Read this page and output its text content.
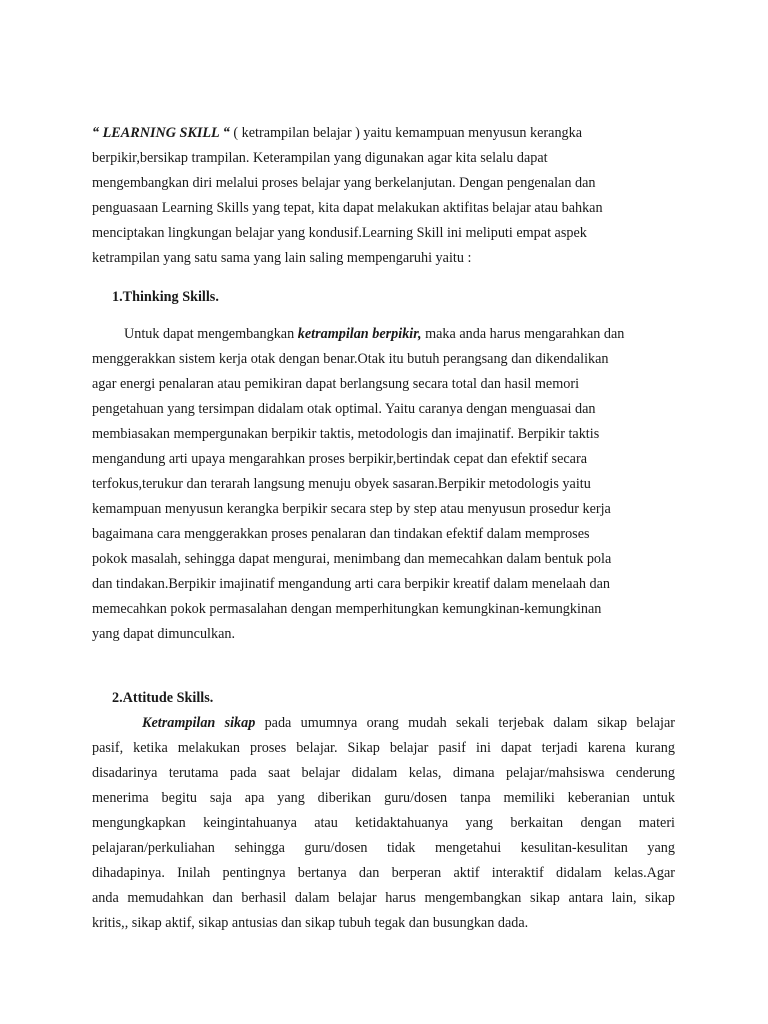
“ LEARNING SKILL “ ( ketrampilan belajar ) yaitu kemampuan menyusun kerangka
berpikir,bersikap trampilan. Keterampilan yang digunakan agar kita selalu dapat
mengembangkan diri melalui proses belajar yang berkelanjutan. Dengan pengenalan dan
penguasaan Learning Skills yang tepat, kita dapat melakukan aktifitas belajar atau bahkan
menciptakan lingkungan belajar yang kondusif.Learning Skill ini meliputi empat aspek
ketrampilan yang satu sama yang lain saling mempengaruhi yaitu :
1.Thinking Skills.
Untuk dapat mengembangkan ketrampilan berpikir, maka anda harus mengarahkan dan
menggerakkan sistem kerja otak dengan benar.Otak itu butuh perangsang dan dikendalikan
agar energi penalaran atau pemikiran dapat berlangsung secara total dan hasil memori
pengetahuan yang tersimpan didalam otak optimal. Yaitu caranya dengan menguasai dan
membiasakan mempergunakan berpikir taktis, metodologis dan imajinatif. Berpikir taktis
mengandung arti upaya mengarahkan proses berpikir,bertindak cepat dan efektif secara
terfokus,terukur dan terarah langsung menuju obyek sasaran.Berpikir metodologis yaitu
kemampuan menyusun kerangka berpikir secara step by step atau menyusun prosedur kerja
bagaimana cara menggerakkan proses penalaran dan tindakan efektif dalam memproses
pokok masalah, sehingga dapat mengurai, menimbang dan memecahkan dalam bentuk pola
dan tindakan.Berpikir imajinatif mengandung arti cara berpikir kreatif dalam menelaah dan
memecahkan pokok permasalahan dengan memperhitungkan kemungkinan-kemungkinan
yang dapat dimunculkan.
2.Attitude Skills.
Ketrampilan sikap pada umumnya orang mudah sekali terjebak dalam sikap belajar
pasif, ketika melakukan proses belajar. Sikap belajar pasif ini dapat terjadi karena kurang
disadarinya terutama pada saat belajar didalam kelas, dimana pelajar/mahsiswa cenderung
menerima begitu saja apa yang diberikan guru/dosen tanpa memiliki keberanian untuk
mengungkapkan keingintahuanya atau ketidaktahuanya yang berkaitan dengan materi
pelajaran/perkuliahan sehingga guru/dosen tidak mengetahui kesulitan-kesulitan yang
dihadapinya. Inilah pentingnya bertanya dan berperan aktif interaktif didalam kelas.Agar
anda memudahkan dan berhasil dalam belajar harus mengembangkan sikap antara lain, sikap
kritis,, sikap aktif, sikap antusias dan sikap tubuh tegak dan busungkan dada.
